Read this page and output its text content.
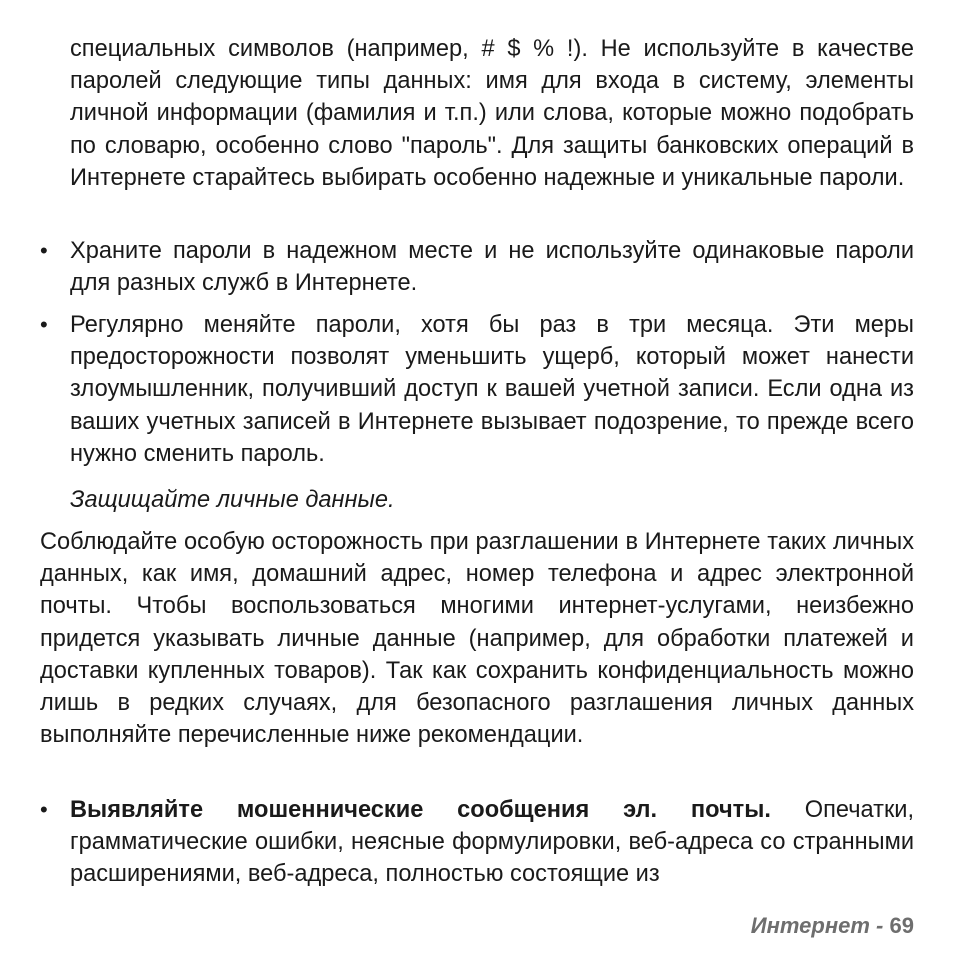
специальных символов (например, # $ % !). Не используйте в качестве паролей следующие типы данных: имя для входа в систему, элементы личной информации (фамилия и т.п.) или слова, которые можно подобрать по словарю, особенно слово "пароль". Для защиты банковских операций в Интернете старайтесь выбирать особенно надежные и уникальные пароли.

• Храните пароли в надежном месте и не используйте одинаковые пароли для разных служб в Интернете.

• Регулярно меняйте пароли, хотя бы раз в три месяца. Эти меры предосторожности позволят уменьшить ущерб, который может нанести злоумышленник, получивший доступ к вашей учетной записи. Если одна из ваших учетных записей в Интернете вызывает подозрение, то прежде всего нужно сменить пароль.

Защищайте личные данные.

Соблюдайте особую осторожность при разглашении в Интернете таких личных данных, как имя, домашний адрес, номер телефона и адрес электронной почты. Чтобы воспользоваться многими интернет-услугами, неизбежно придется указывать личные данные (например, для обработки платежей и доставки купленных товаров). Так как сохранить конфиденциальность можно лишь в редких случаях, для безопасного разглашения личных данных выполняйте перечисленные ниже рекомендации.

• Выявляйте мошеннические сообщения эл. почты. Опечатки, грамматические ошибки, неясные формулировки, веб-адреса со странными расширениями, веб-адреса, полностью состоящие из

Интернет - 69
